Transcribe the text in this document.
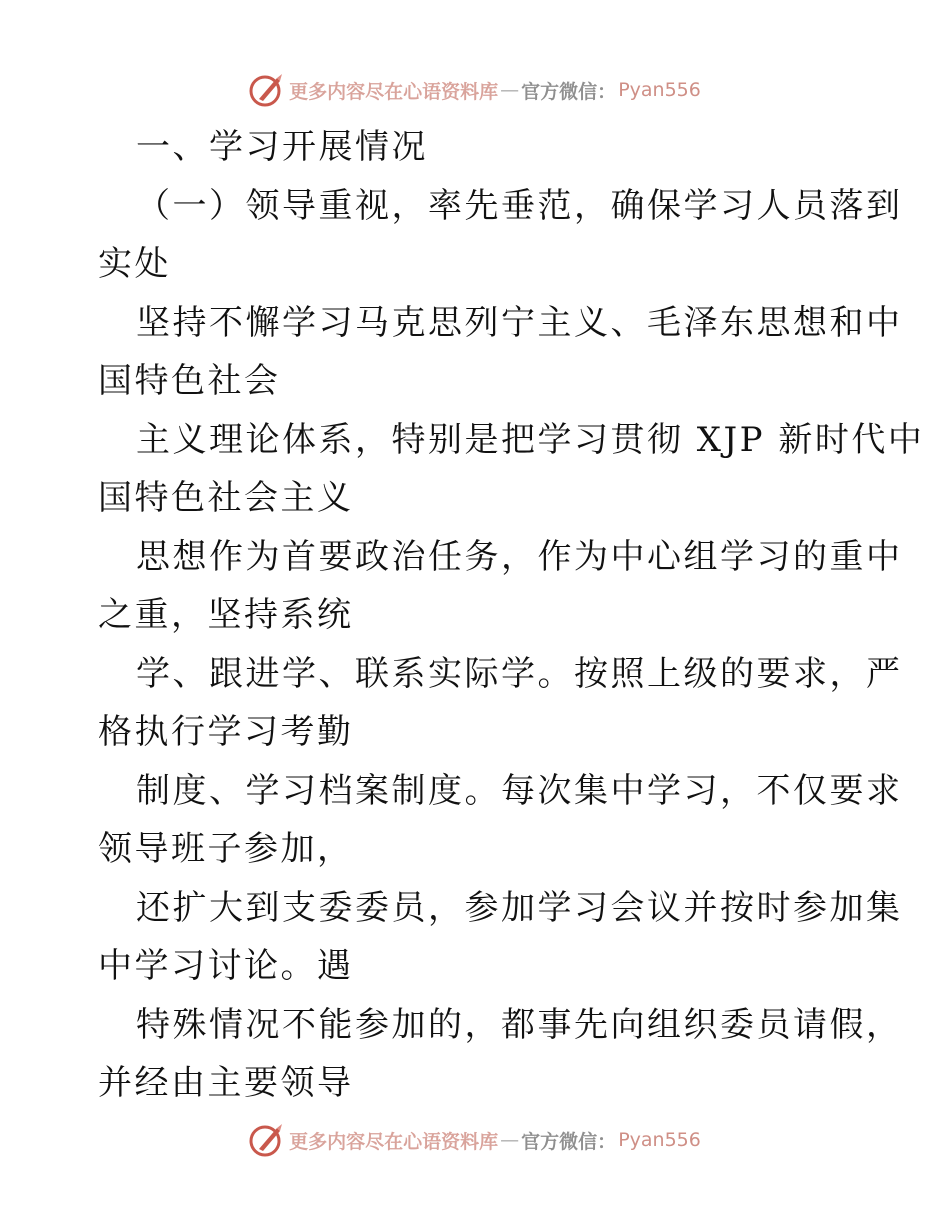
更多内容尽在心语资料库 — 官方微信： Pyan556
一、学习开展情况
（一）领导重视，率先垂范，确保学习人员落到
实处
坚持不懈学习马克思列宁主义、毛泽东思想和中
国特色社会
主义理论体系，特别是把学习贯彻 XJP 新时代中
国特色社会主义
思想作为首要政治任务，作为中心组学习的重中
之重，坚持系统
学、跟进学、联系实际学。按照上级的要求，严
格执行学习考勤
制度、学习档案制度。每次集中学习，不仅要求
领导班子参加，
还扩大到支委委员，参加学习会议并按时参加集
中学习讨论。遇
特殊情况不能参加的，都事先向组织委员请假，
并经由主要领导
更多内容尽在心语资料库 — 官方微信： Pyan556
